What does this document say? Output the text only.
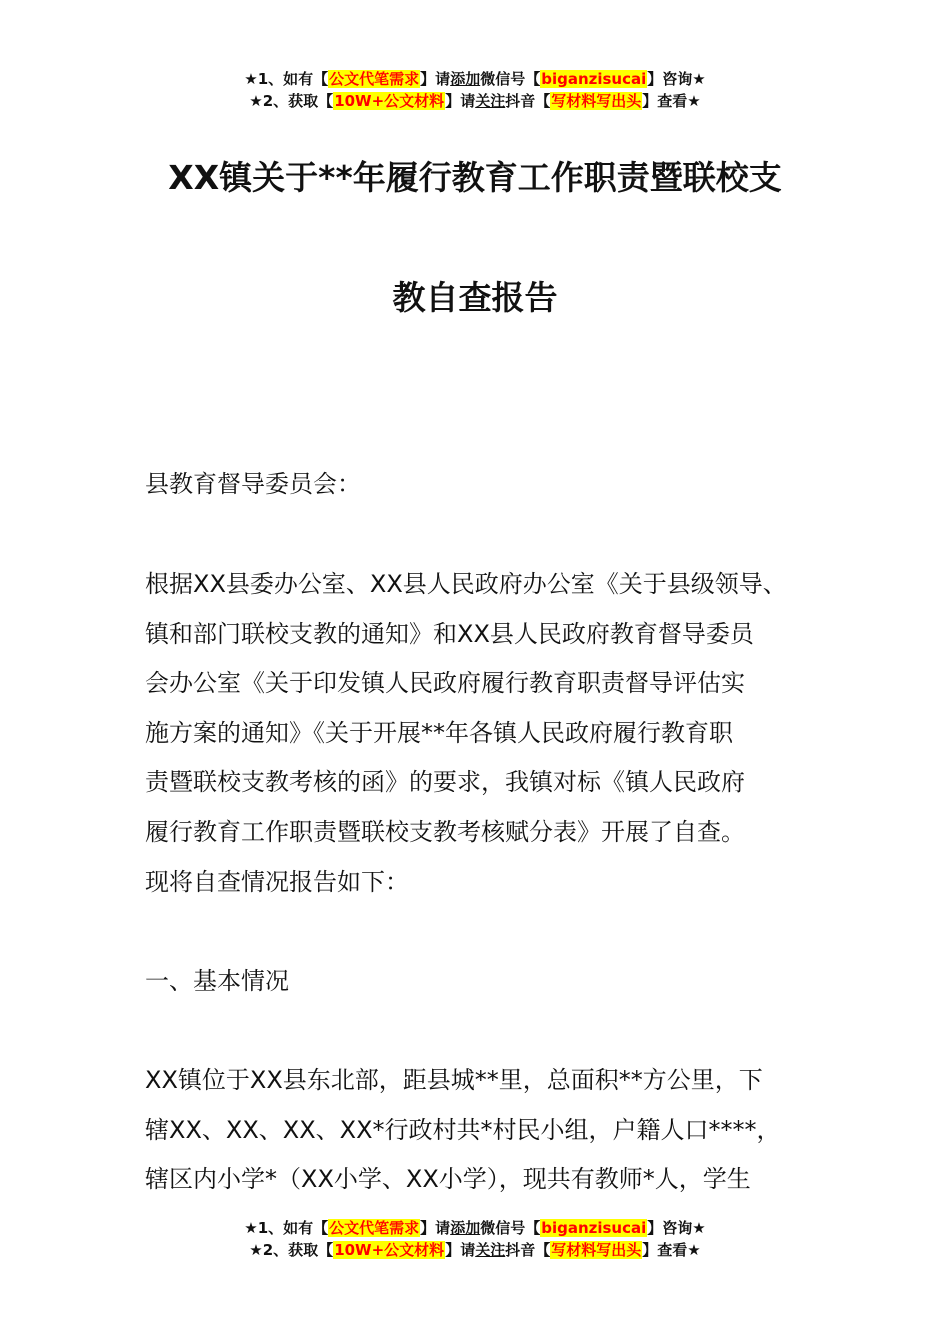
★1、如有【公文代笔需求】请添加微信号【biganzisucai】咨询★
★2、获取【10W+公文材料】请关注抖音【写材料写出头】查看★
XX镇关于**年履行教育工作职责暨联校支
教自查报告
县教育督导委员会：
根据XX县委办公室、XX县人民政府办公室《关于县级领导、
镇和部门联校支教的通知》和XX县人民政府教育督导委员
会办公室《关于印发镇人民政府履行教育职责督导评估实
施方案的通知》《关于开展**年各镇人民政府履行教育职
责暨联校支教考核的函》的要求，我镇对标《镇人民政府
履行教育工作职责暨联校支教考核赋分表》开展了自查。
现将自查情况报告如下：
一、基本情况
XX镇位于XX县东北部，距县城**里，总面积**方公里，下
辖XX、XX、XX、XX*行政村共*村民小组，户籍人口****，
辖区内小学*（XX小学、XX小学），现共有教师*人，学生
★1、如有【公文代笔需求】请添加微信号【biganzisucai】咨询★
★2、获取【10W+公文材料】请关注抖音【写材料写出头】查看★
